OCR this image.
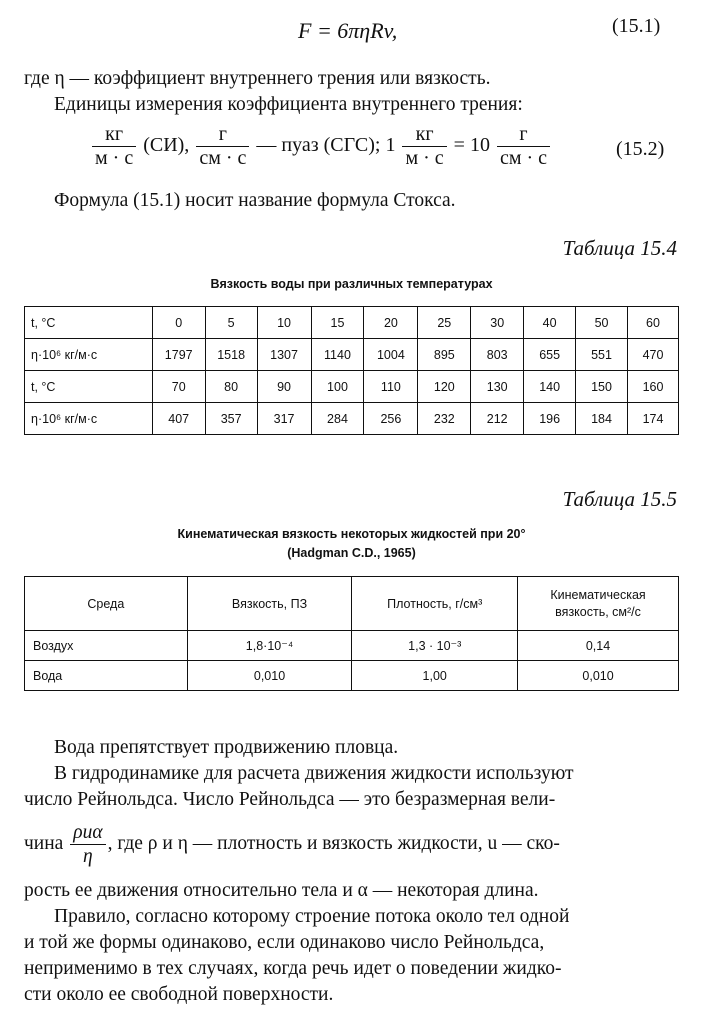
F = 6πηRv,	(15.1)
где η — коэффициент внутреннего трения или вязкость.
Единицы измерения коэффициента внутреннего трения:
$\frac{кг}{м \cdot с} (СИ)$, $\frac{г}{см \cdot с}$ — пуаз (СГС); $1 \frac{кг}{м \cdot с} = 10 \frac{г}{см \cdot с}$	(15.2)
Формула (15.1) носит название формула Стокса.
Таблица 15.4
Вязкость воды при различных температурах
t, °С	0	5	10	15	20	25	30	40	50	60
η·10⁶ кг/м·с	1797	1518	1307	1140	1004	895	803	655	551	470
t, °С	70	80	90	100	110	120	130	140	150	160
η·10⁶ кг/м·с	407	357	317	284	256	232	212	196	184	174
Таблица 15.5
Кинематическая вязкость некоторых жидкостей при 20°
(Hadgman C.D., 1965)
Среда	Вязкость, ПЗ	Плотность, г/см³	Кинематическая вязкость, см²/с
Воздух	1,8·10⁻⁴	1,3 · 10⁻³	0,14
Вода	0,010	1,00	0,010
Вода препятствует продвижению пловца.
В гидродинамике для расчета движения жидкости используют
число Рейнольдса. Число Рейнольдса — это безразмерная вели-
чина $\frac{\text{ρuα}}{\eta}$ , где ρ и η — плотность и вязкость жидкости, u — ско-
рость ее движения относительно тела и α — некоторая длина.
Правило, согласно которому строение потока около тел одной
и той же формы одинаково, если одинаково число Рейнольдса,
неприменимо в тех случаях, когда речь идет о поведении жидко-
сти около ее свободной поверхности.
